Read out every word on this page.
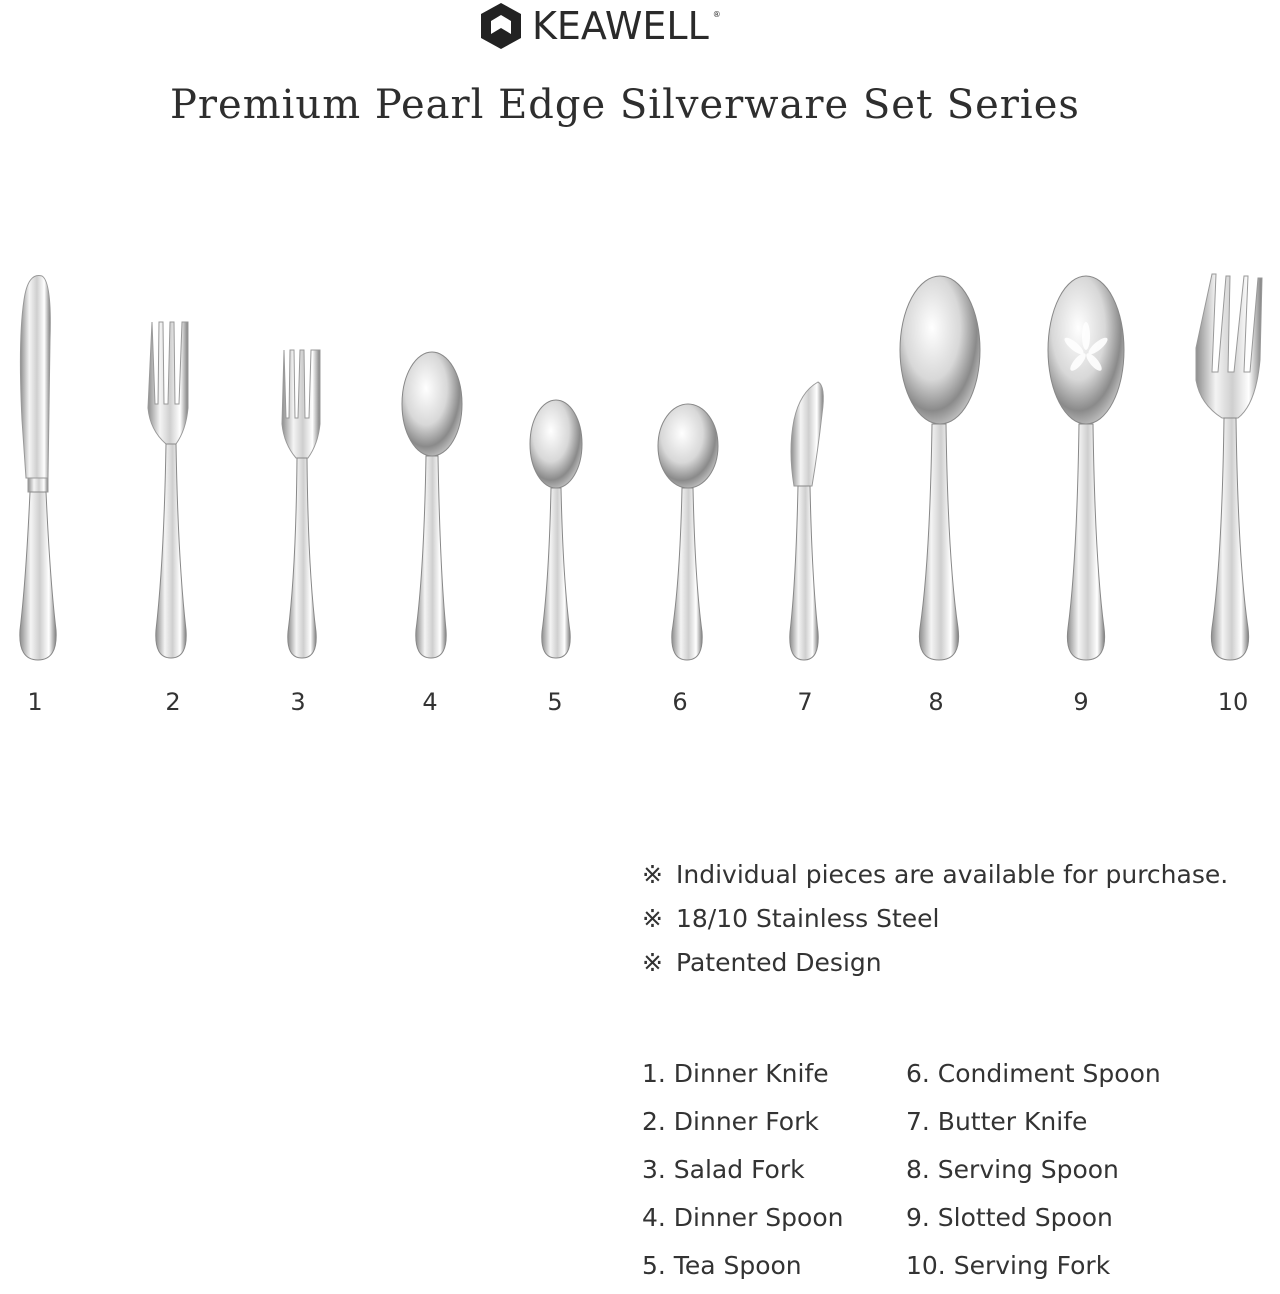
KEAWELL ®
Premium Pearl Edge Silverware Set Series
1	2	3	4	5	6	7	8	9	10
※ Individual pieces are available for purchase.
※ 18/10 Stainless Steel
※ Patented Design
1. Dinner Knife	6. Condiment Spoon
2. Dinner Fork	7. Butter Knife
3. Salad Fork	8. Serving Spoon
4. Dinner Spoon	9. Slotted Spoon
5. Tea Spoon	10. Serving Fork
